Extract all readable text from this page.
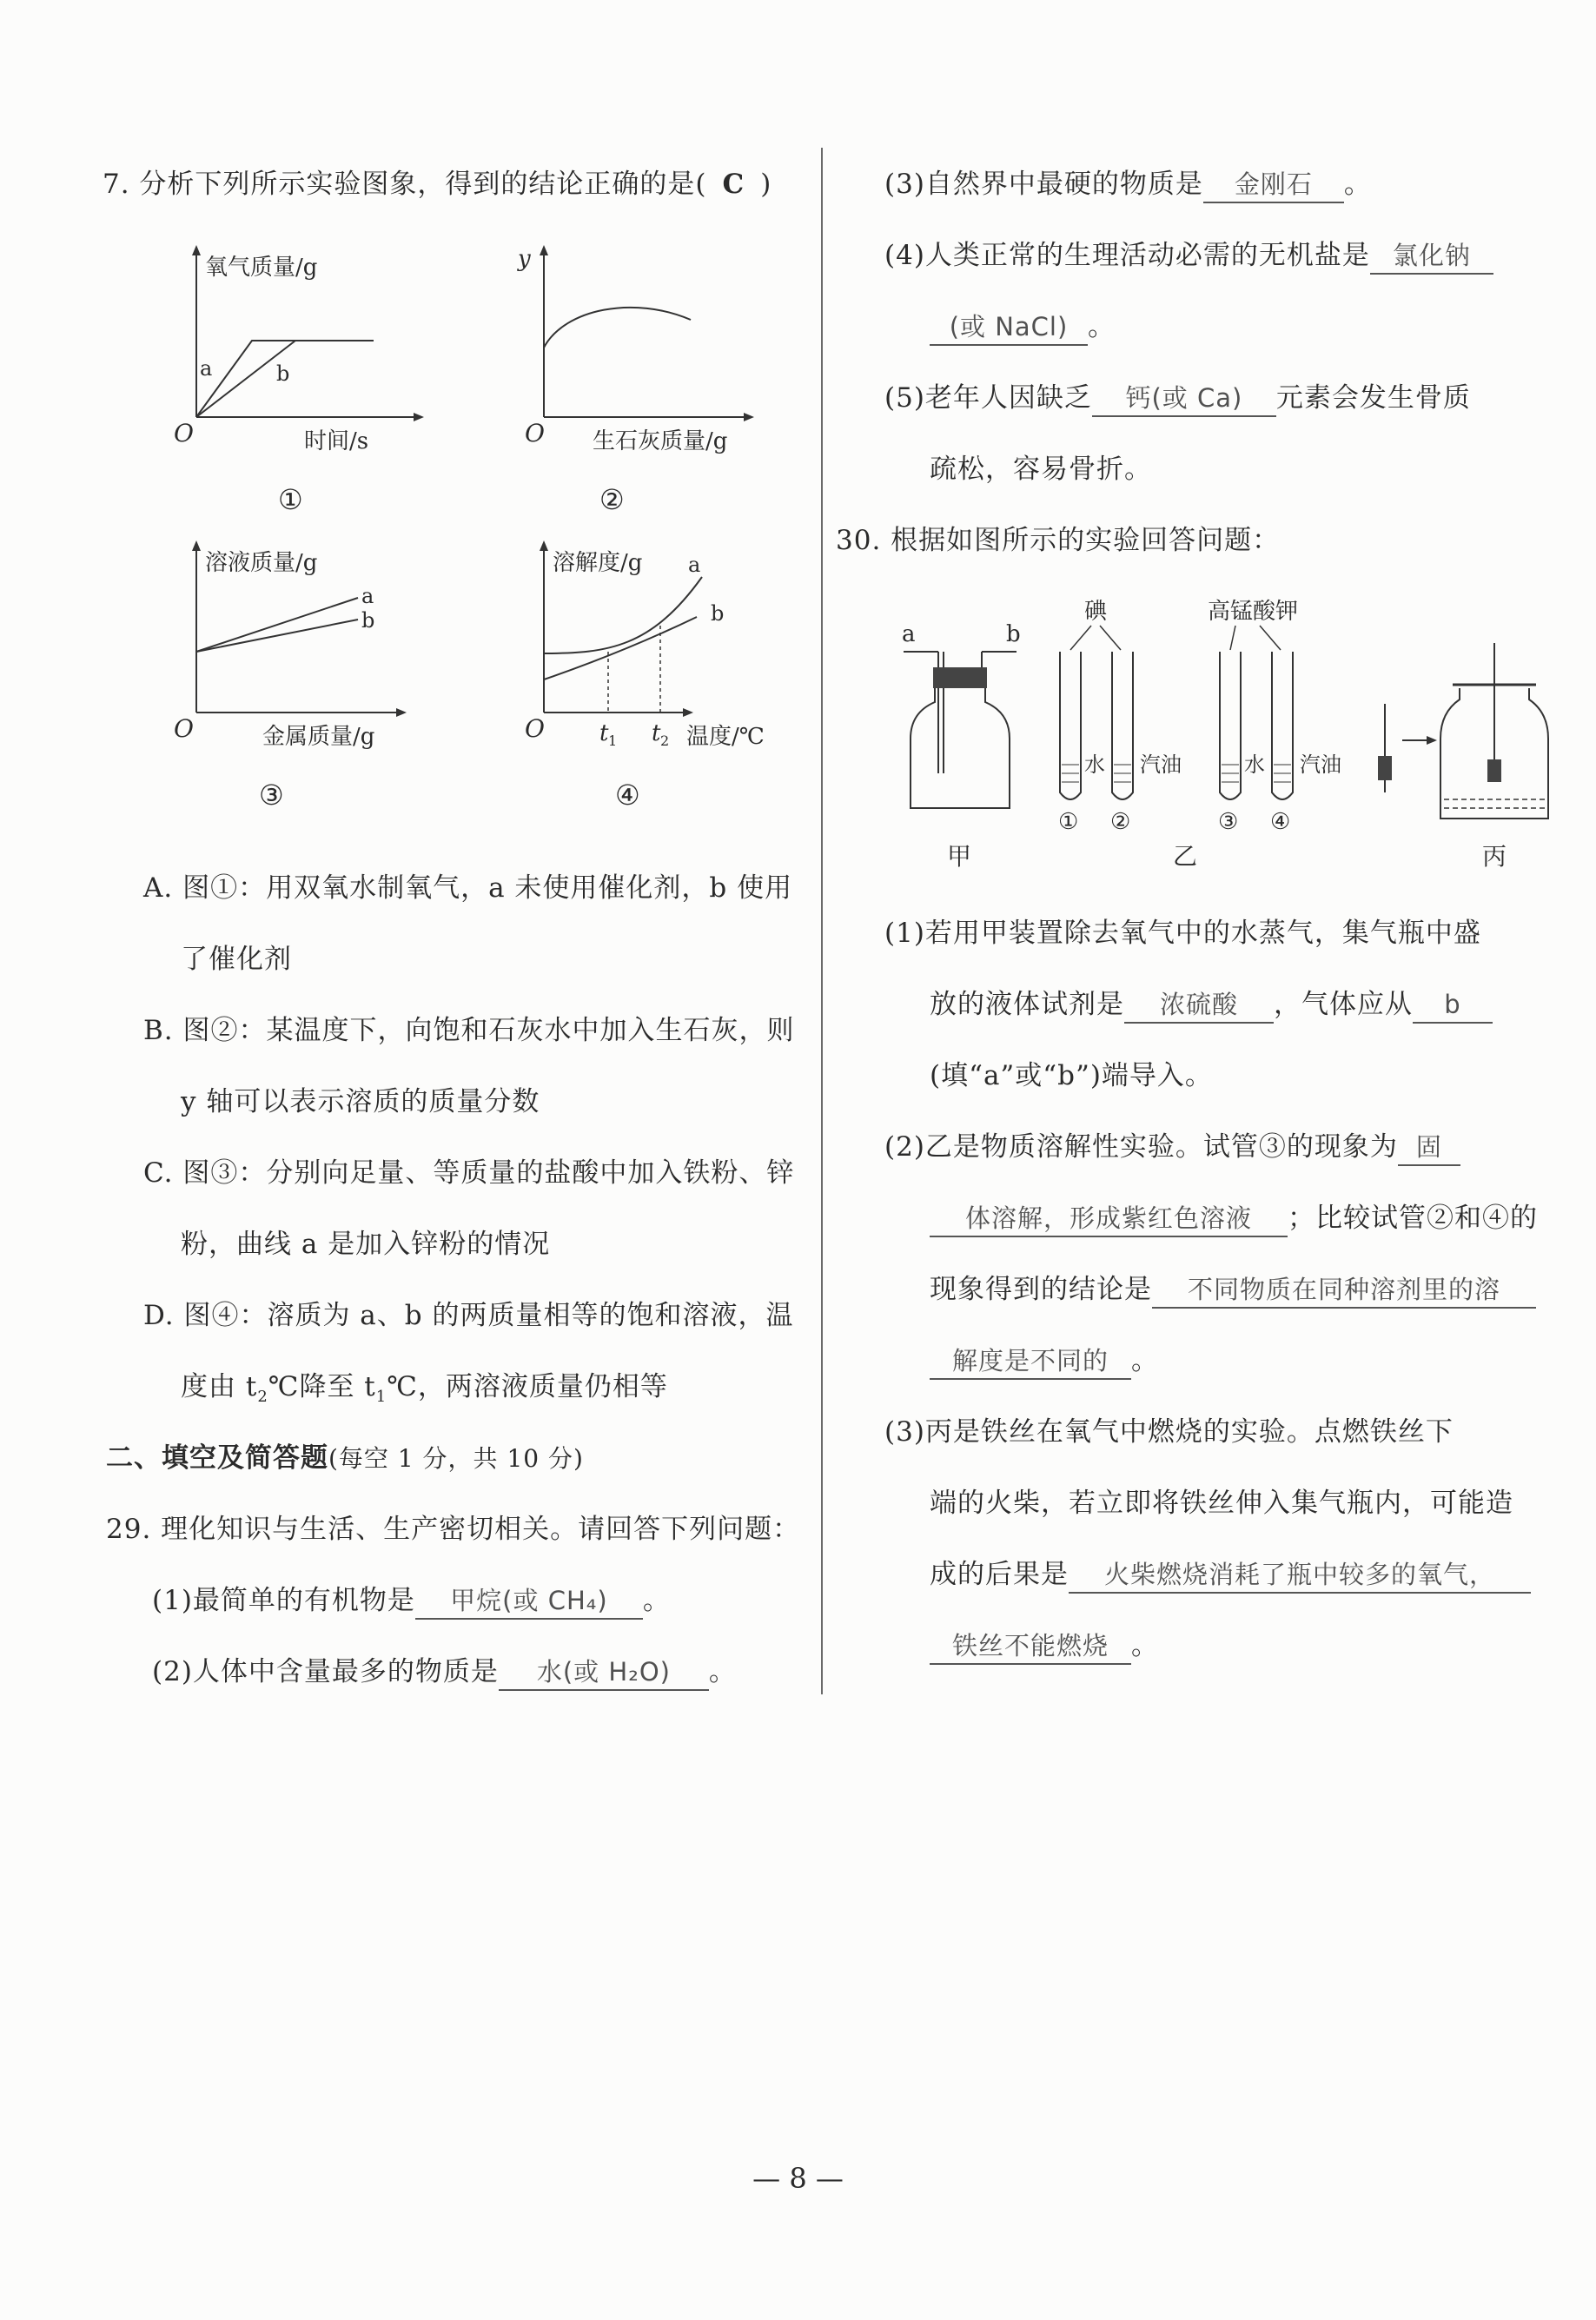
7. 分析下列所示实验图象，得到的结论正确的是( C )
氧气质量/g
O	时间/s
a	b
①
y
O 生石灰质量/g
②
溶液质量/g
O	金属质量/g
a
b
③
溶解度/g
O	温度/℃
a
b
t 1 t 2
④
A. 图①：用双氧水制氧气，a 未使用催化剂，b 使用
了催化剂
B. 图②：某温度下，向饱和石灰水中加入生石灰，则
y 轴可以表示溶质的质量分数
C. 图③：分别向足量、等质量的盐酸中加入铁粉、锌
粉，曲线 a 是加入锌粉的情况
D. 图④：溶质为 a、b 的两质量相等的饱和溶液，温
度由 $t_2℃$降至 $t_1℃$，两溶液质量仍相等
二、填空及简答题(每空 1 分，共 10 分)
29. 理化知识与生活、生产密切相关。请回答下列问题：
(1)最简单的有机物是 甲烷(或 CH₄) 。
(2)人体中含量最多的物质是 水(或 H₂O) 。
(3)自然界中最硬的物质是 金刚石 。
(4)人类正常的生理活动必需的无机盐是 氯化钠
(或 NaCl) 。
(5)老年人因缺乏 钙(或 Ca) 元素会发生骨质
疏松，容易骨折。
30. 根据如图所示的实验回答问题：
a	b
甲
碘
水 汽油
① ②
高锰酸钾
水 汽油
③ ④
乙	丙
(1)若用甲装置除去氧气中的水蒸气，集气瓶中盛
放的液体试剂是 浓硫酸 ，气体应从 b
(填“a”或“b”)端导入。
(2)乙是物质溶解性实验。试管③的现象为 固
体溶解，形成紫红色溶液 ；比较试管②和④的
现象得到的结论是 不同物质在同种溶剂里的溶
解度是不同的 。
(3)丙是铁丝在氧气中燃烧的实验。点燃铁丝下
端的火柴，若立即将铁丝伸入集气瓶内，可能造
成的后果是 火柴燃烧消耗了瓶中较多的氧气，
铁丝不能燃烧 。
— 8 —
